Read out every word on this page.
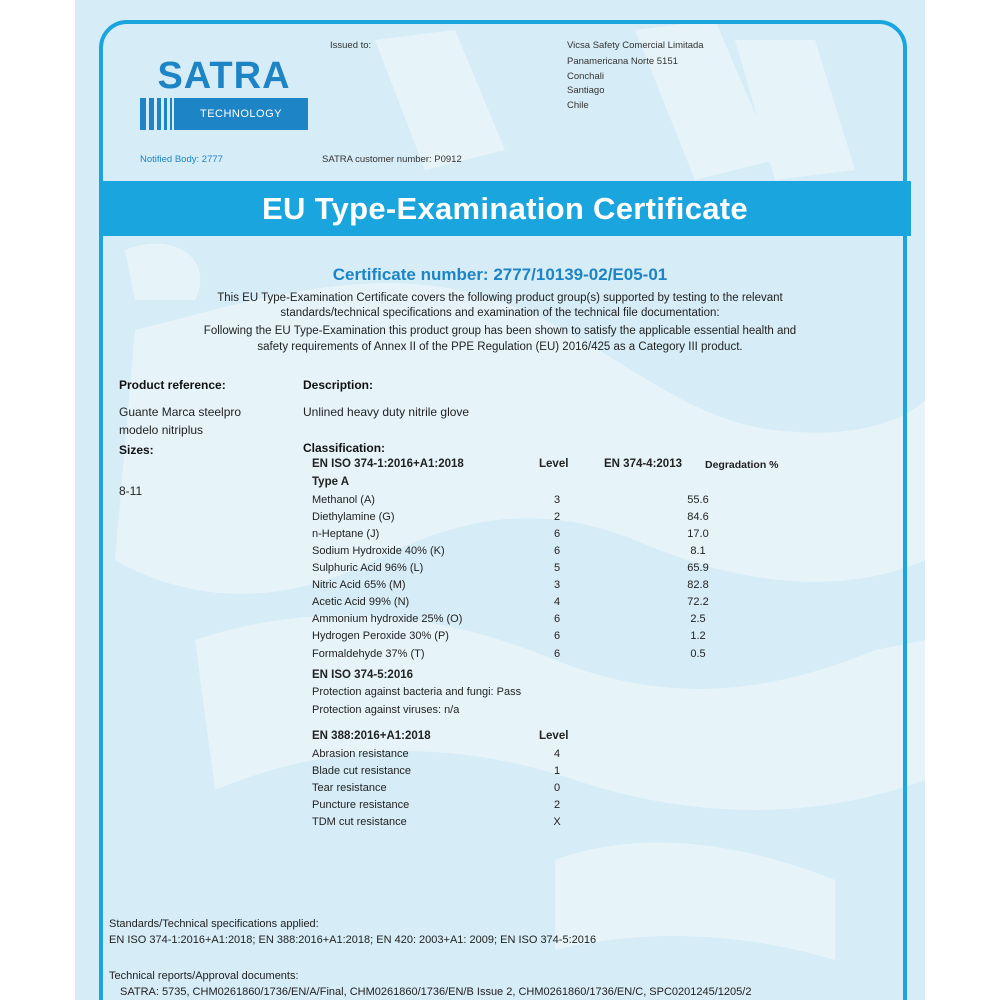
SATRA
TECHNOLOGY
Issued to:	Vicsa Safety Comercial Limitada
Panamericana Norte 5151
Conchali
Santiago
Chile
Notified Body: 2777	SATRA customer number: P0912
EU Type-Examination Certificate
Certificate number: 2777/10139-02/E05-01
This EU Type-Examination Certificate covers the following product group(s) supported by testing to the relevant
standards/technical specifications and examination of the technical file documentation:
Following the EU Type-Examination this product group has been shown to satisfy the applicable essential health and
safety requirements of Annex II of the PPE Regulation (EU) 2016/425 as a Category III product.
Product reference:
Guante Marca steelpro
modelo nitriplus
Sizes:
8-11
Description:
Unlined heavy duty nitrile glove
Classification:
EN ISO 374-1:2016+A1:2018	Level	EN 374-4:2013 Degradation %
Type A
Methanol (A)	3	55.6
Diethylamine (G)	2	84.6
n-Heptane (J)	6	17.0
Sodium Hydroxide 40% (K)	6	8.1
Sulphuric Acid 96% (L)	5	65.9
Nitric Acid 65% (M)	3	82.8
Acetic Acid 99% (N)	4	72.2
Ammonium hydroxide 25% (O)	6	2.5
Hydrogen Peroxide 30% (P)	6	1.2
Formaldehyde 37% (T)	6	0.5
EN ISO 374-5:2016
Protection against bacteria and fungi: Pass
Protection against viruses: n/a
EN 388:2016+A1:2018	Level
Abrasion resistance	4
Blade cut resistance	1
Tear resistance	0
Puncture resistance	2
TDM cut resistance	X
Standards/Technical specifications applied:
EN ISO 374-1:2016+A1:2018; EN 388:2016+A1:2018; EN 420: 2003+A1: 2009; EN ISO 374-5:2016
Technical reports/Approval documents:
SATRA: 5735, CHM0261860/1736/EN/A/Final, CHM0261860/1736/EN/B Issue 2, CHM0261860/1736/EN/C, SPC0201245/1205/2
